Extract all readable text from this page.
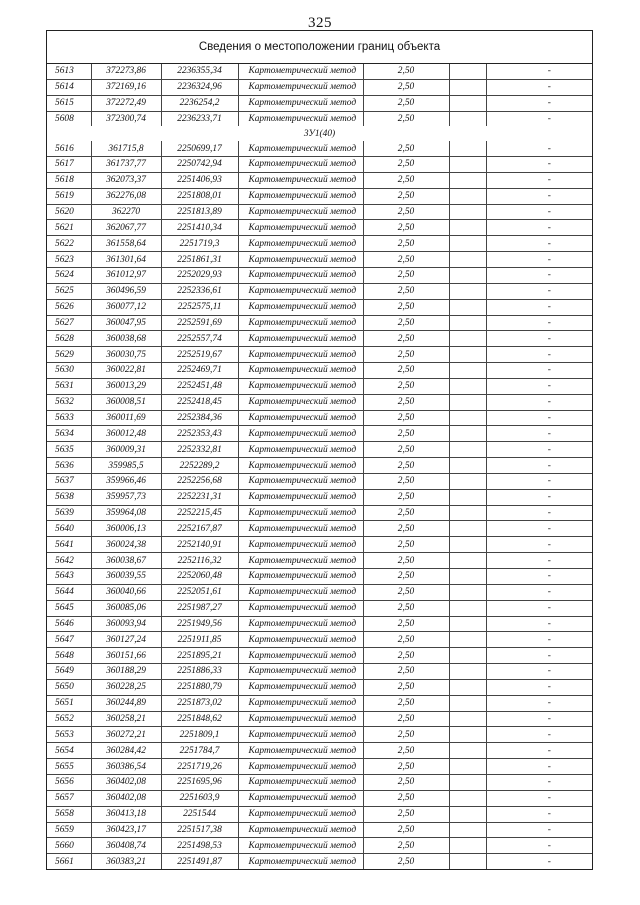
325
Сведения о местоположении границ объекта
5613	372273,86	2236355,34	Картометрический метод	2,50		-
5614	372169,16	2236324,96	Картометрический метод	2,50		-
5615	372272,49	2236254,2	Картометрический метод	2,50		-
5608	372300,74	2236233,71	Картометрический метод	2,50		-
3У1(40)						
5616	361715,8	2250699,17	Картометрический метод	2,50		-
5617	361737,77	2250742,94	Картометрический метод	2,50		-
5618	362073,37	2251406,93	Картометрический метод	2,50		-
5619	362276,08	2251808,01	Картометрический метод	2,50		-
5620	362270	2251813,89	Картометрический метод	2,50		-
5621	362067,77	2251410,34	Картометрический метод	2,50		-
5622	361558,64	2251719,3	Картометрический метод	2,50		-
5623	361301,64	2251861,31	Картометрический метод	2,50		-
5624	361012,97	2252029,93	Картометрический метод	2,50		-
5625	360496,59	2252336,61	Картометрический метод	2,50		-
5626	360077,12	2252575,11	Картометрический метод	2,50		-
5627	360047,95	2252591,69	Картометрический метод	2,50		-
5628	360038,68	2252557,74	Картометрический метод	2,50		-
5629	360030,75	2252519,67	Картометрический метод	2,50		-
5630	360022,81	2252469,71	Картометрический метод	2,50		-
5631	360013,29	2252451,48	Картометрический метод	2,50		-
5632	360008,51	2252418,45	Картометрический метод	2,50		-
5633	360011,69	2252384,36	Картометрический метод	2,50		-
5634	360012,48	2252353,43	Картометрический метод	2,50		-
5635	360009,31	2252332,81	Картометрический метод	2,50		-
5636	359985,5	2252289,2	Картометрический метод	2,50		-
5637	359966,46	2252256,68	Картометрический метод	2,50		-
5638	359957,73	2252231,31	Картометрический метод	2,50		-
5639	359964,08	2252215,45	Картометрический метод	2,50		-
5640	360006,13	2252167,87	Картометрический метод	2,50		-
5641	360024,38	2252140,91	Картометрический метод	2,50		-
5642	360038,67	2252116,32	Картометрический метод	2,50		-
5643	360039,55	2252060,48	Картометрический метод	2,50		-
5644	360040,66	2252051,61	Картометрический метод	2,50		-
5645	360085,06	2251987,27	Картометрический метод	2,50		-
5646	360093,94	2251949,56	Картометрический метод	2,50		-
5647	360127,24	2251911,85	Картометрический метод	2,50		-
5648	360151,66	2251895,21	Картометрический метод	2,50		-
5649	360188,29	2251886,33	Картометрический метод	2,50		-
5650	360228,25	2251880,79	Картометрический метод	2,50		-
5651	360244,89	2251873,02	Картометрический метод	2,50		-
5652	360258,21	2251848,62	Картометрический метод	2,50		-
5653	360272,21	2251809,1	Картометрический метод	2,50		-
5654	360284,42	2251784,7	Картометрический метод	2,50		-
5655	360386,54	2251719,26	Картометрический метод	2,50		-
5656	360402,08	2251695,96	Картометрический метод	2,50		-
5657	360402,08	2251603,9	Картометрический метод	2,50		-
5658	360413,18	2251544	Картометрический метод	2,50		-
5659	360423,17	2251517,38	Картометрический метод	2,50		-
5660	360408,74	2251498,53	Картометрический метод	2,50		-
5661	360383,21	2251491,87	Картометрический метод	2,50		-
